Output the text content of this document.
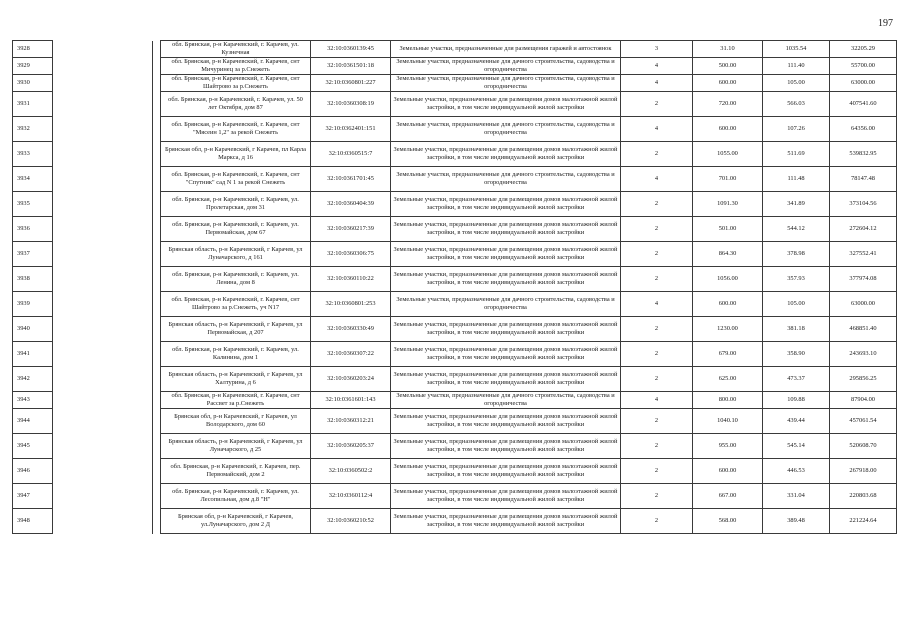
197
3928			обл. Брянская, р-н Карачевский, г. Карачев, ул. Кузнечная	32:10:0360139:45	Земельные участки, предназначенные для размещения гаражей и автостоянок	3	31.10	1035.54	32205.29
3929			обл. Брянская, р-н Карачевский, г. Карачев, снт Мичуринец за р.Снежеть	32:10:0361501:18	Земельные участки, предназначенные для дачного строительства, садоводства и огородничества	4	500.00	111.40	55700.00
3930			обл. Брянская, р-н Карачевский, г. Карачев, снт Шайтрово за р.Снежеть	32:10:0360801:227	Земельные участки, предназначенные для дачного строительства, садоводства и огородничества	4	600.00	105.00	63000.00
3931			обл. Брянская, р-н Карачевский, г. Карачев, ул. 50 лет Октября, дом 87	32:10:0360308:19	Земельные участки, предназначенные для размещения домов малоэтажной жилой застройки, в том числе индивидуальной жилой застройки	2	720.00	566.03	407541.60
3932			обл. Брянская, р-н Карачевский, г. Карачев, снт "Мясеин 1,2" за рекой Снежеть	32:10:0362401:151	Земельные участки, предназначенные для дачного строительства, садоводства и огородничества	4	600.00	107.26	64356.00
3933			Брянская обл, р-н Карачевский, г Карачев, пл Карла Маркса, д 16	32:10:0360515:7	Земельные участки, предназначенные для размещения домов малоэтажной жилой застройки, в том числе индивидуальной жилой застройки	2	1055.00	511.69	539832.95
3934			обл. Брянская, р-н Карачевский, г. Карачев, снт "Спутник" сад N 1 за рекой Снежеть	32:10:0361701:45	Земельные участки, предназначенные для дачного строительства, садоводства и огородничества	4	701.00	111.48	78147.48
3935			обл. Брянская, р-н Карачевский, г. Карачев, ул. Пролетарская, дом 31	32:10:0360404:39	Земельные участки, предназначенные для размещения домов малоэтажной жилой застройки, в том числе индивидуальной жилой застройки	2	1091.30	341.89	373104.56
3936			обл. Брянская, р-н Карачевский, г. Карачев, ул. Первомайская, дом 67	32:10:0360217:39	Земельные участки, предназначенные для размещения домов малоэтажной жилой застройки, в том числе индивидуальной жилой застройки	2	501.00	544.12	272604.12
3937			Брянская область, р-н Карачевский, г Карачев, ул Луначарского, д 161	32:10:0360306:75	Земельные участки, предназначенные для размещения домов малоэтажной жилой застройки, в том числе индивидуальной жилой застройки	2	864.30	378.98	327552.41
3938			обл. Брянская, р-н Карачевский, г. Карачев, ул. Ленина, дом 8	32:10:0360110:22	Земельные участки, предназначенные для размещения домов малоэтажной жилой застройки, в том числе индивидуальной жилой застройки	2	1056.00	357.93	377974.08
3939			обл. Брянская, р-н Карачевский, г. Карачев, снт Шайтрово за р.Снежеть, уч N17	32:10:0360801:253	Земельные участки, предназначенные для дачного строительства, садоводства и огородничества	4	600.00	105.00	63000.00
3940			Брянская область, р-н Карачевский, г Карачев, ул Первомайская, д 207	32:10:0360330:49	Земельные участки, предназначенные для размещения домов малоэтажной жилой застройки, в том числе индивидуальной жилой застройки	2	1230.00	381.18	468851.40
3941			обл. Брянская, р-н Карачевский, г. Карачев, ул. Калинина, дом 1	32:10:0360307:22	Земельные участки, предназначенные для размещения домов малоэтажной жилой застройки, в том числе индивидуальной жилой застройки	2	679.00	358.90	243693.10
3942			Брянская область, р-н Карачевский, г Карачев, ул Халтурина, д 6	32:10:0360203:24	Земельные участки, предназначенные для размещения домов малоэтажной жилой застройки, в том числе индивидуальной жилой застройки	2	625.00	473.37	295856.25
3943			обл. Брянская, р-н Карачевский, г. Карачев, снт Рассвет за р.Снежеть	32:10:0361601:143	Земельные участки, предназначенные для дачного строительства, садоводства и огородничества	4	800.00	109.88	87904.00
3944			Брянская обл, р-н Карачевский, г Карачев, ул Володарского, дом 60	32:10:0360312:21	Земельные участки, предназначенные для размещения домов малоэтажной жилой застройки, в том числе индивидуальной жилой застройки	2	1040.10	439.44	457061.54
3945			Брянская область, р-н Карачевский, г Карачев, ул Луначарского, д 25	32:10:0360205:37	Земельные участки, предназначенные для размещения домов малоэтажной жилой застройки, в том числе индивидуальной жилой застройки	2	955.00	545.14	520608.70
3946			обл. Брянская, р-н Карачевский, г. Карачев, пер. Первомайский, дом 2	32:10:0360502:2	Земельные участки, предназначенные для размещения домов малоэтажной жилой застройки, в том числе индивидуальной жилой застройки	2	600.00	446.53	267918.00
3947			обл. Брянская, р-н Карачевский, г. Карачев, ул. Лесопильная, дом д.8 "Н"	32:10:0360112:4	Земельные участки, предназначенные для размещения домов малоэтажной жилой застройки, в том числе индивидуальной жилой застройки	2	667.00	331.04	220803.68
3948			Брянская обл, р-н Карачевский, г Карачев, ул.Луначарского, дом 2 Д	32:10:0360210:52	Земельные участки, предназначенные для размещения домов малоэтажной жилой застройки, в том числе индивидуальной жилой застройки	2	568.00	389.48	221224.64
